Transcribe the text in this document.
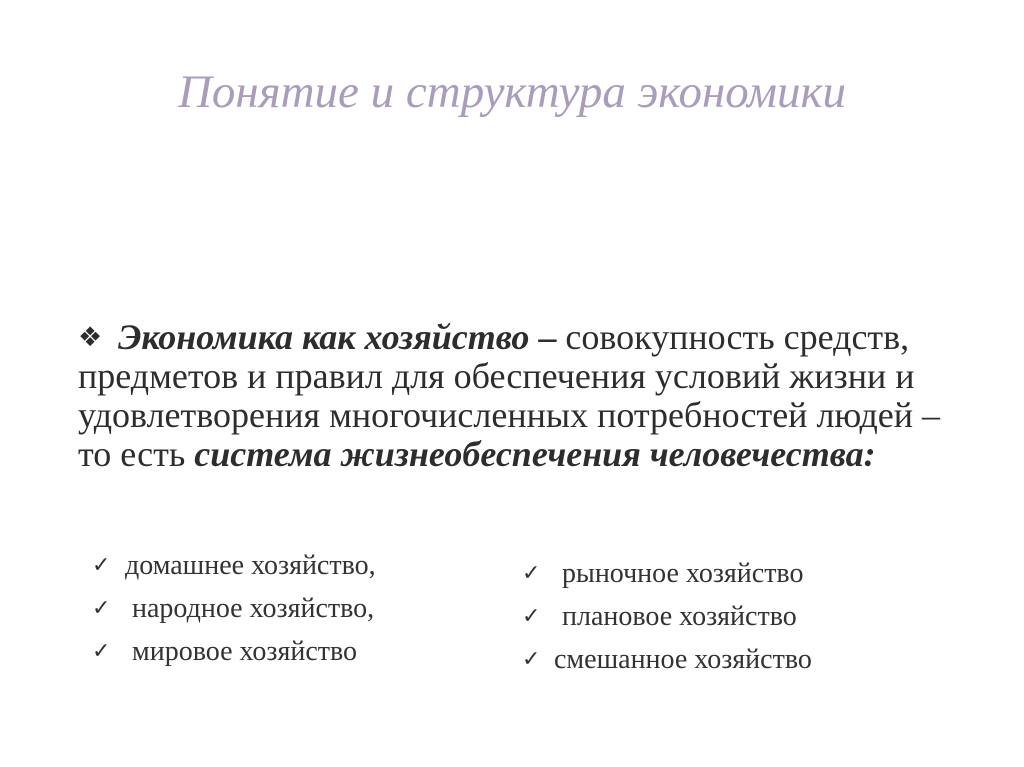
Понятие и структура экономики
❖ Экономика как хозяйство – совокупность средств, предметов и правил для обеспечения условий жизни и удовлетворения многочисленных потребностей людей – то есть система жизнеобеспечения человечества:
✓ домашнее хозяйство,
✓ народное хозяйство,
✓ мировое хозяйство
✓ рыночное хозяйство
✓ плановое хозяйство
✓ смешанное хозяйство
